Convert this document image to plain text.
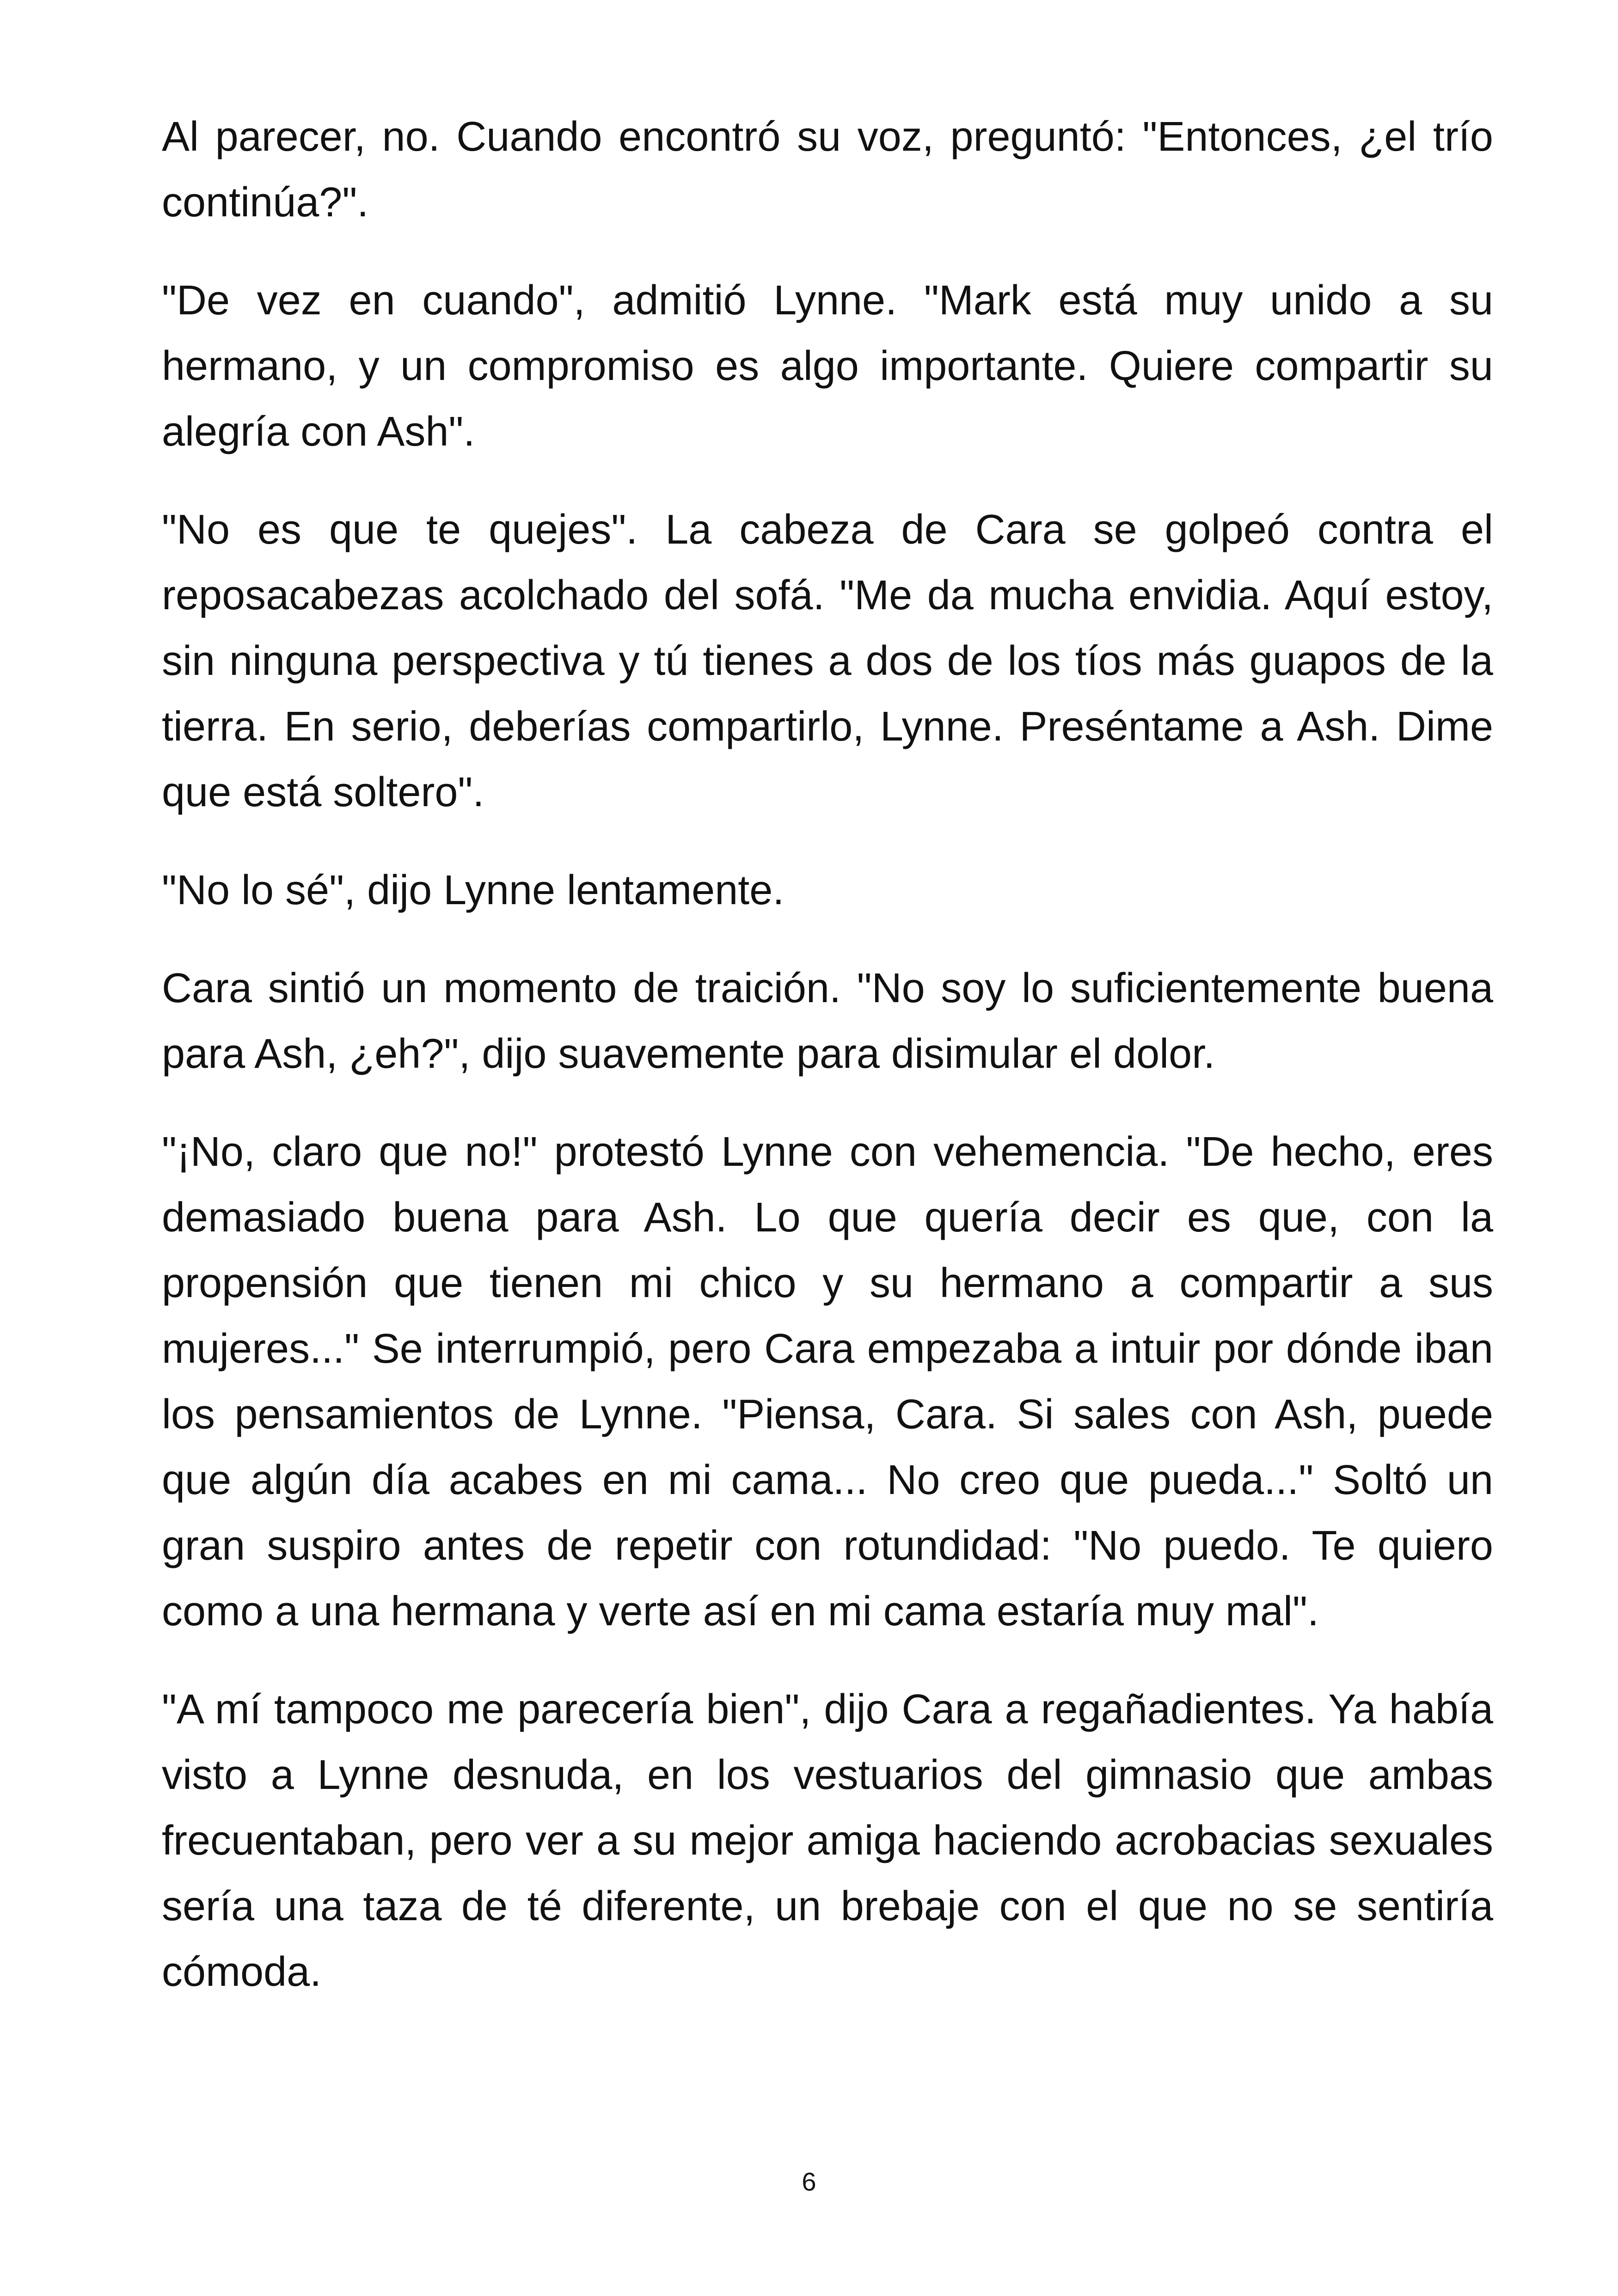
Al parecer, no. Cuando encontró su voz, preguntó: "Entonces, ¿el trío continúa?".

"De vez en cuando", admitió Lynne. "Mark está muy unido a su hermano, y un compromiso es algo importante. Quiere compartir su alegría con Ash".

"No es que te quejes". La cabeza de Cara se golpeó contra el reposacabezas acolchado del sofá. "Me da mucha envidia. Aquí estoy, sin ninguna perspectiva y tú tienes a dos de los tíos más guapos de la tierra. En serio, deberías compartirlo, Lynne. Preséntame a Ash. Dime que está soltero".

"No lo sé", dijo Lynne lentamente.

Cara sintió un momento de traición. "No soy lo suficientemente buena para Ash, ¿eh?", dijo suavemente para disimular el dolor.

"¡No, claro que no!" protestó Lynne con vehemencia. "De hecho, eres demasiado buena para Ash. Lo que quería decir es que, con la propensión que tienen mi chico y su hermano a compartir a sus mujeres..." Se interrumpió, pero Cara empezaba a intuir por dónde iban los pensamientos de Lynne. "Piensa, Cara. Si sales con Ash, puede que algún día acabes en mi cama... No creo que pueda..." Soltó un gran suspiro antes de repetir con rotundidad: "No puedo. Te quiero como a una hermana y verte así en mi cama estaría muy mal".

"A mí tampoco me parecería bien", dijo Cara a regañadientes. Ya había visto a Lynne desnuda, en los vestuarios del gimnasio que ambas frecuentaban, pero ver a su mejor amiga haciendo acrobacias sexuales sería una taza de té diferente, un brebaje con el que no se sentiría cómoda.

6
